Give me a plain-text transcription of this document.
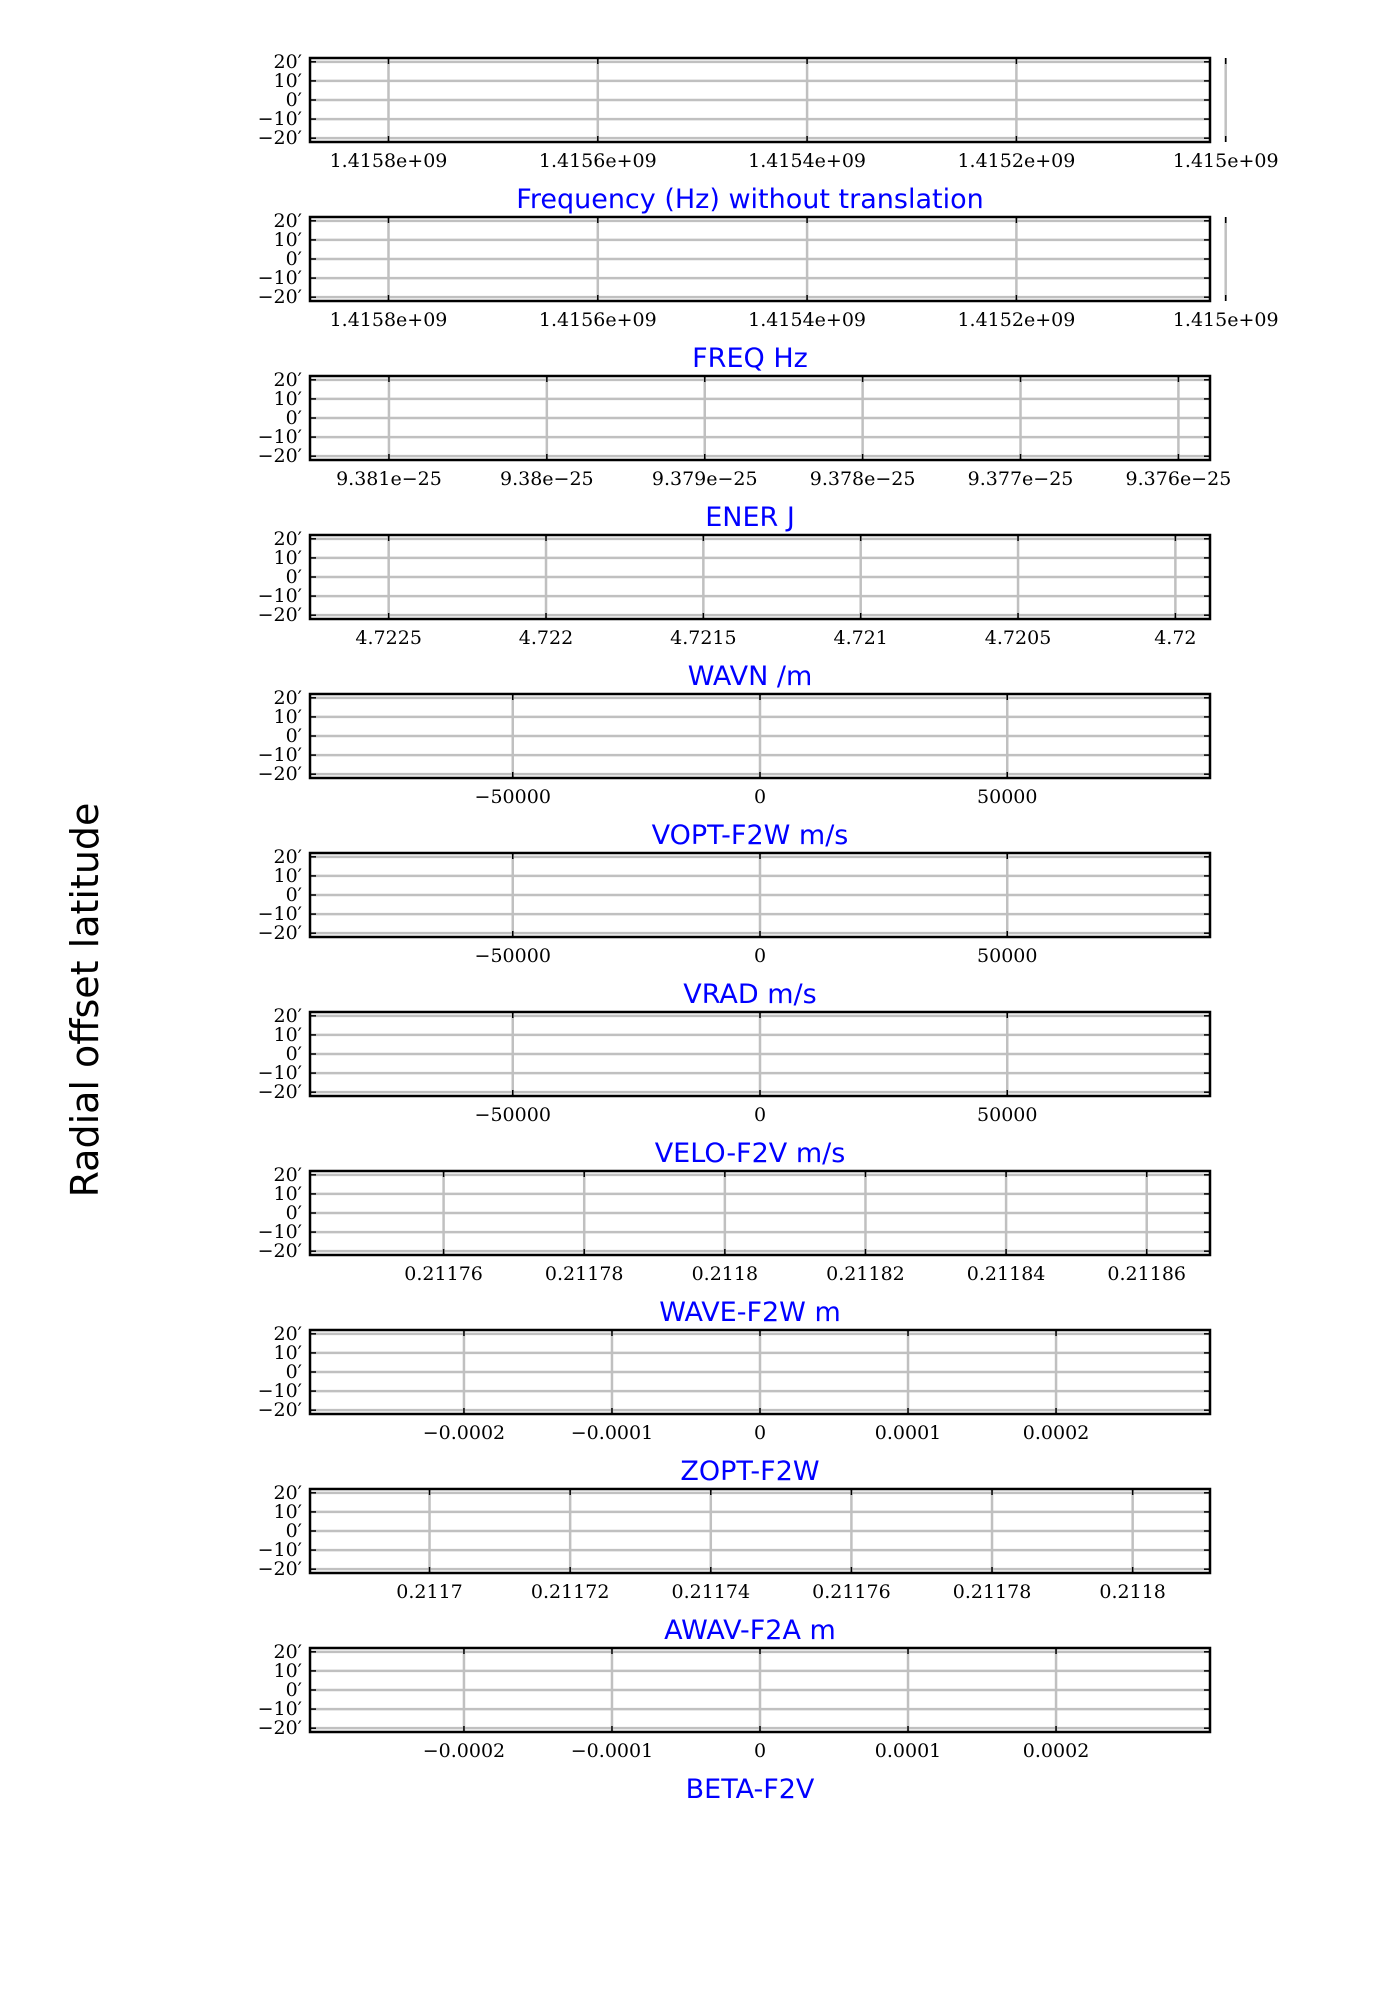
Radial offset latitude
20′
10′
0′
−10′
−20′
1.4158e+09	1.4156e+09	1.4154e+09	1.4152e+09	1.415e+09
Frequency (Hz) without translation
20′
10′
0′
−10′
−20′
1.4158e+09	1.4156e+09	1.4154e+09	1.4152e+09	1.415e+09
FREQ Hz
20′
10′
0′
−10′
−20′
9.381e−25	9.38e−25	9.379e−25	9.378e−25	9.377e−25	9.376e−25
ENER J
20′
10′
0′
−10′
−20′
4.7225	4.722	4.7215	4.721	4.7205	4.72
WAVN /m
20′
10′
0′
−10′
−20′
−50000	0	50000
VOPT-F2W m/s
20′
10′
0′
−10′
−20′
−50000	0	50000
VRAD m/s
20′
10′
0′
−10′
−20′
−50000	0	50000
VELO-F2V m/s
20′
10′
0′
−10′
−20′
0.21176	0.21178	0.2118	0.21182	0.21184	0.21186
WAVE-F2W m
20′
10′
0′
−10′
−20′
−0.0002	−0.0001	0	0.0001	0.0002
ZOPT-F2W
20′
10′
0′
−10′
−20′
0.2117	0.21172	0.21174	0.21176	0.21178	0.2118
AWAV-F2A m
20′
10′
0′
−10′
−20′
−0.0002	−0.0001	0	0.0001	0.0002
BETA-F2V
